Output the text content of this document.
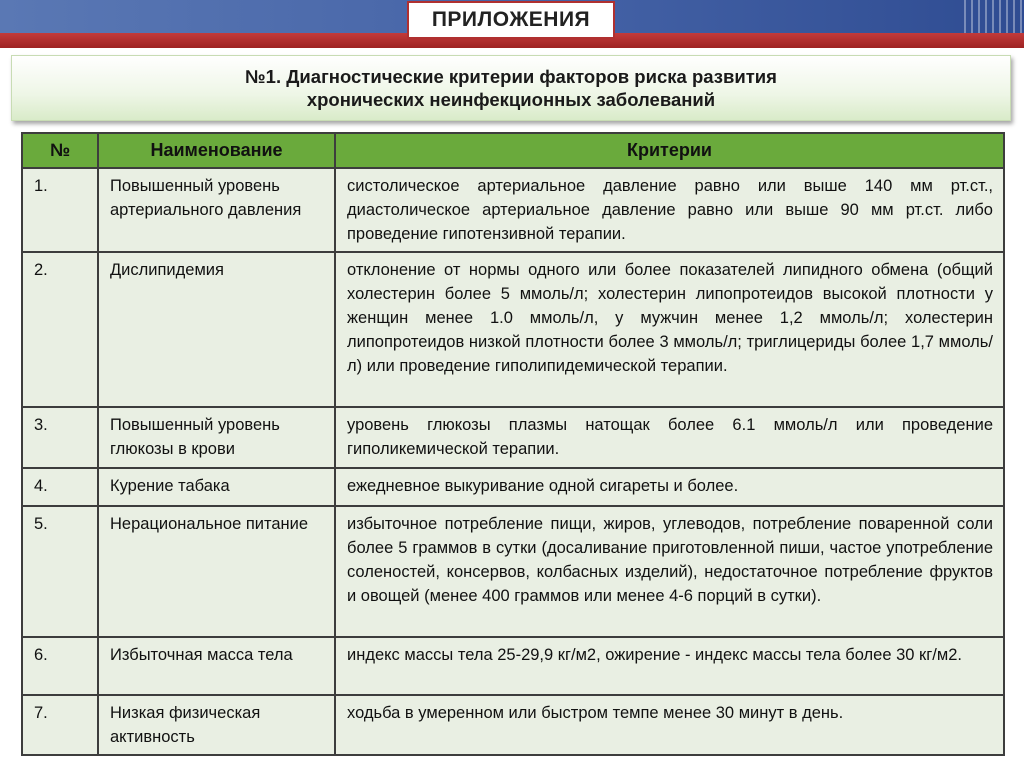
ПРИЛОЖЕНИЯ
№1. Диагностические критерии факторов риска развития
хронических неинфекционных заболеваний
№	Наименование	Критерии
1.	Повышенный уровень артериального давления	систолическое артериальное давление равно или выше 140 мм рт.ст., диастолическое артериальное давление равно или выше 90 мм рт.ст. либо проведение гипотензивной терапии.
2.	Дислипидемия	отклонение от нормы одного или более показателей липидного обмена (общий холестерин более 5 ммоль/л; холестерин липопротеидов высокой плотности у женщин менее 1.0 ммоль/л, у мужчин менее 1,2 ммоль/л; холестерин липопротеидов низкой плотности более 3 ммоль/л; триглицериды более 1,7 ммоль/л) или проведение гиполипидемической терапии.
3.	Повышенный уровень глюкозы в крови	уровень глюкозы плазмы натощак более 6.1 ммоль/л или проведение гиполикемической терапии.
4.	Курение табака	ежедневное выкуривание одной сигареты и более.
5.	Нерациональное питание	избыточное потребление пищи, жиров, углеводов, потребление поваренной соли более 5 граммов в сутки (досаливание приготовленной пиши, частое употребление соленостей, консервов, колбасных изделий), недостаточное потребление фруктов и овощей (менее 400 граммов или менее 4-6 порций в сутки).
6.	Избыточная масса тела	индекс массы тела 25-29,9 кг/м2, ожирение - индекс массы тела более 30 кг/м2.
7.	Низкая физическая активность	ходьба в умеренном или быстром темпе менее 30 минут в день.
